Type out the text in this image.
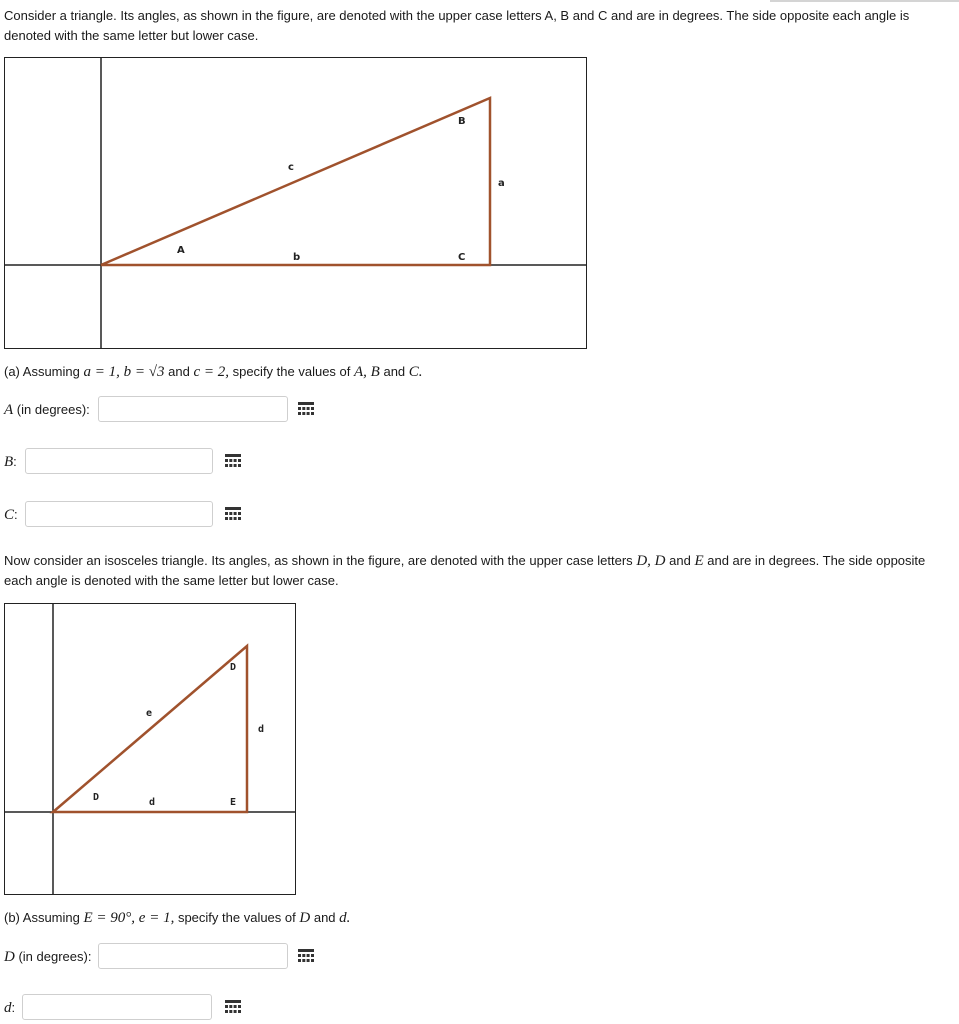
Consider a triangle. Its angles, as shown in the figure, are denoted with the upper case letters A, B and C and are in degrees. The side opposite each angle is denoted with the same letter but lower case.

A
B
C
a
b
c

(a) Assuming a = 1, b = √3 and c = 2, specify the values of A, B and C.

A (in degrees):
B:
C:

Now consider an isosceles triangle. Its angles, as shown in the figure, are denoted with the upper case letters D, D and E and are in degrees. The side opposite each angle is denoted with the same letter but lower case.

D
D
E
e
d
d

(b) Assuming E = 90°, e = 1, specify the values of D and d.

D (in degrees):
d:
